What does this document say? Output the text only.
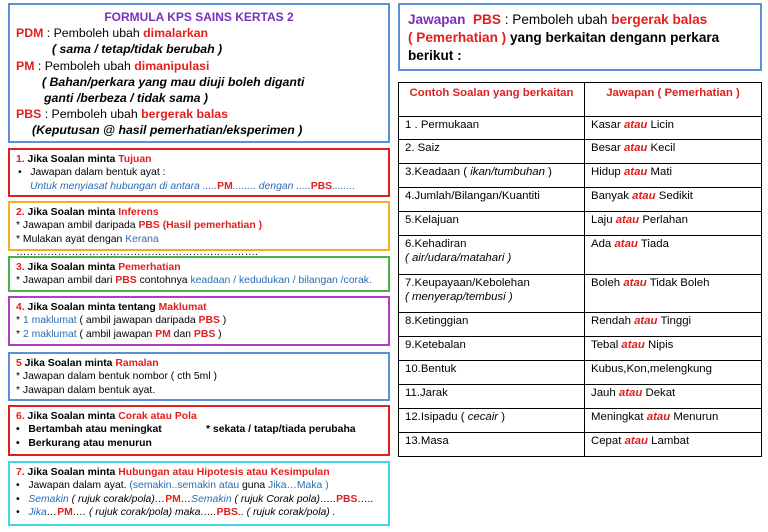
FORMULA KPS SAINS KERTAS 2
PDM : Pemboleh ubah dimalarkan
( sama / tetap/tidak berubah )
PM : Pemboleh ubah dimanipulasi
( Bahan/perkara yang mau diuji boleh diganti
ganti /berbeza / tidak sama )
PBS : Pemboleh ubah bergerak balas
(Keputusan @ hasil pemerhatian/eksperimen )
1. Jika Soalan minta Tujuan
•   Jawapan dalam bentuk ayat :
Untuk menyiasat hubungan di antara .....PM........ dengan .....PBS........
2. Jika Soalan minta Inferens
* Jawapan ambil daripada PBS (Hasil pemerhatian )
* Mulakan ayat dengan Kerana …………………………………………………………….
3. Jika Soalan minta Pemerhatian
* Jawapan ambil dari PBS contohnya keadaan / kedudukan / bilangan /corak.
4. Jika Soalan minta tentang Maklumat
* 1 maklumat ( ambil jawapan daripada PBS )
* 2 maklumat ( ambil jawapan PM dan PBS )
5 Jika Soalan minta Ramalan
* Jawapan dalam bentuk nombor ( cth 5ml )
* Jawapan dalam bentuk ayat.
6. Jika Soalan minta Corak atau Pola
•   Bertambah atau meningkat	* sekata / tatap/tiada perubaha
•   Berkurang atau menurun
7. Jika Soalan minta Hubungan atau Hipotesis atau Kesimpulan
•   Jawapan dalam ayat. (semakin..semakin atau guna Jika…Maka )
•   Semakin ( rujuk corak/pola)…PM…Semakin ( rujuk Corak pola)…..PBS…..
•   Jika…PM…. ( rujuk corak/pola) maka…..PBS.. ( rujuk corak/pola) .
Jawapan PBS : Pemboleh ubah bergerak balas
( Pemerhatian ) yang berkaitan dengann perkara berikut :
Contoh Soalan yang berkaitan	Jawapan ( Pemerhatian )
1 . Permukaan	Kasar atau Licin
2. Saiz	Besar atau Kecil
3.Keadaan ( ikan/tumbuhan )	Hidup atau Mati
4.Jumlah/Bilangan/Kuantiti	Banyak atau Sedikit
5.Kelajuan	Laju atau Perlahan
6.Kehadiran
( air/udara/matahari )	Ada atau Tiada
7.Keupayaan/Kebolehan
( menyerap/tembusi )	Boleh atau Tidak Boleh
8.Ketinggian	Rendah atau Tinggi
9.Ketebalan	Tebal atau Nipis
10.Bentuk	Kubus,Kon,melengkung
11.Jarak	Jauh atau Dekat
12.Isipadu ( cecair )	Meningkat atau Menurun
13.Masa	Cepat atau Lambat
